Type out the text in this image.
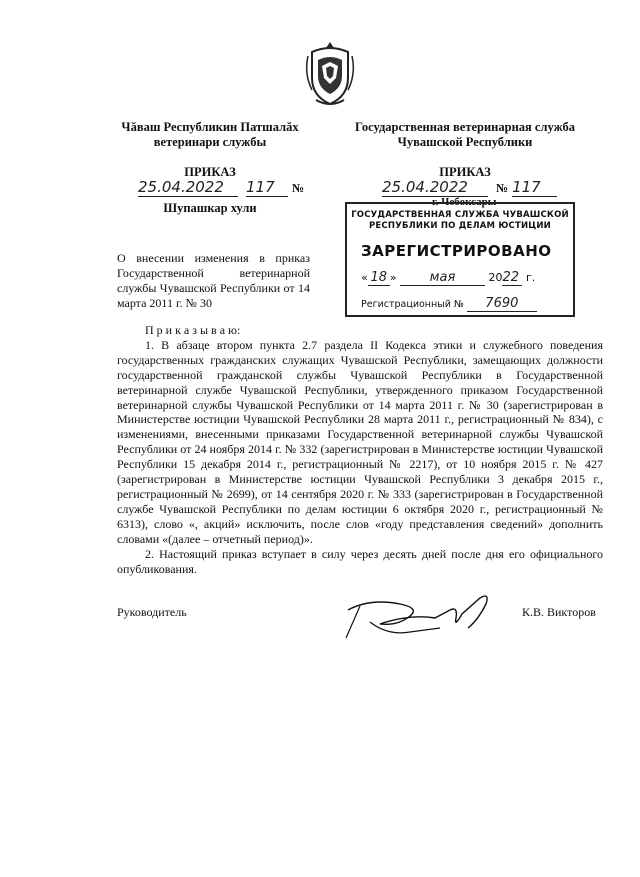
Чăваш Республикин Патшалăх ветеринари службы
Государственная ветеринарная служба Чувашской Республики
ПРИКАЗ	ПРИКАЗ
25.04.2022 117 №
Шупашкар хули
25.04.2022 № 117
г. Чебоксары
ГОСУДАРСТВЕННАЯ СЛУЖБА ЧУВАШСКОЙ РЕСПУБЛИКИ ПО ДЕЛАМ ЮСТИЦИИ
ЗАРЕГИСТРИРОВАНО
« 18 » мая	2022 г.
Регистрационный № 7690
О внесении изменения в приказ Государственной ветеринарной службы Чувашской Республики от 14 марта 2011 г. № 30

П р и к а з ы в а ю:

1. В абзаце втором пункта 2.7 раздела II Кодекса этики и служебного поведения государственных гражданских служащих Чувашской Республики, замещающих должности государственной гражданской службы Чувашской Республики в Государственной ветеринарной службе Чувашской Республики, утвержденного приказом Государственной ветеринарной службы Чувашской Республики от 14 марта 2011 г. № 30 (зарегистрирован в Министерстве юстиции Чувашской Республики 28 марта 2011 г., регистрационный № 834), с изменениями, внесенными приказами Государственной ветеринарной службы Чувашской Республики от 24 ноября 2014 г. № 332 (зарегистрирован в Министерстве юстиции Чувашской Республики 15 декабря 2014 г., регистрационный № 2217), от 10 ноября 2015 г. № 427 (зарегистрирован в Министерстве юстиции Чувашской Республики 3 декабря 2015 г., регистрационный № 2699), от 14 сентября 2020 г. № 333 (зарегистрирован в Государственной службе Чувашской Республики по делам юстиции 6 октября 2020 г., регистрационный № 6313), слово «, акций» исключить, после слов «году представления сведений» дополнить словами «(далее – отчетный период)».

2. Настоящий приказ вступает в силу через десять дней после дня его официального опубликования.

Руководитель	К.В. Викторов
